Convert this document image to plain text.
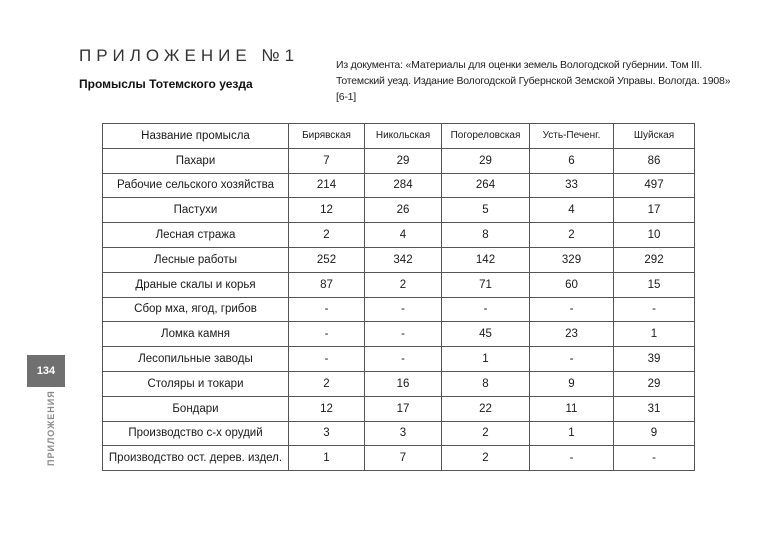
ПРИЛОЖЕНИЕ №1
Промыслы Тотемского уезда
Из документа: «Материалы для оценки земель Вологодской губернии. Том III.
Тотемский уезд. Издание Вологодской Губернской Земской Управы. Вологда. 1908» [6-1]
Название промысла	Бирявская	Никольская	Погореловская	Усть-Печенг.	Шуйская
Пахари	7	29	29	6	86
Рабочие сельского хозяйства	214	284	264	33	497
Пастухи	12	26	5	4	17
Лесная стража	2	4	8	2	10
Лесные работы	252	342	142	329	292
Драные скалы и корья	87	2	71	60	15
Сбор мха, ягод, грибов	-	-	-	-	-
Ломка камня	-	-	45	23	1
Лесопильные заводы	-	-	1	-	39
Столяры и токари	2	16	8	9	29
Бондари	12	17	22	11	31
Производство с-х орудий	3	3	2	1	9
Производство ост. дерев. издел.	1	7	2	-	-
134
ПРИЛОЖЕНИЯ
